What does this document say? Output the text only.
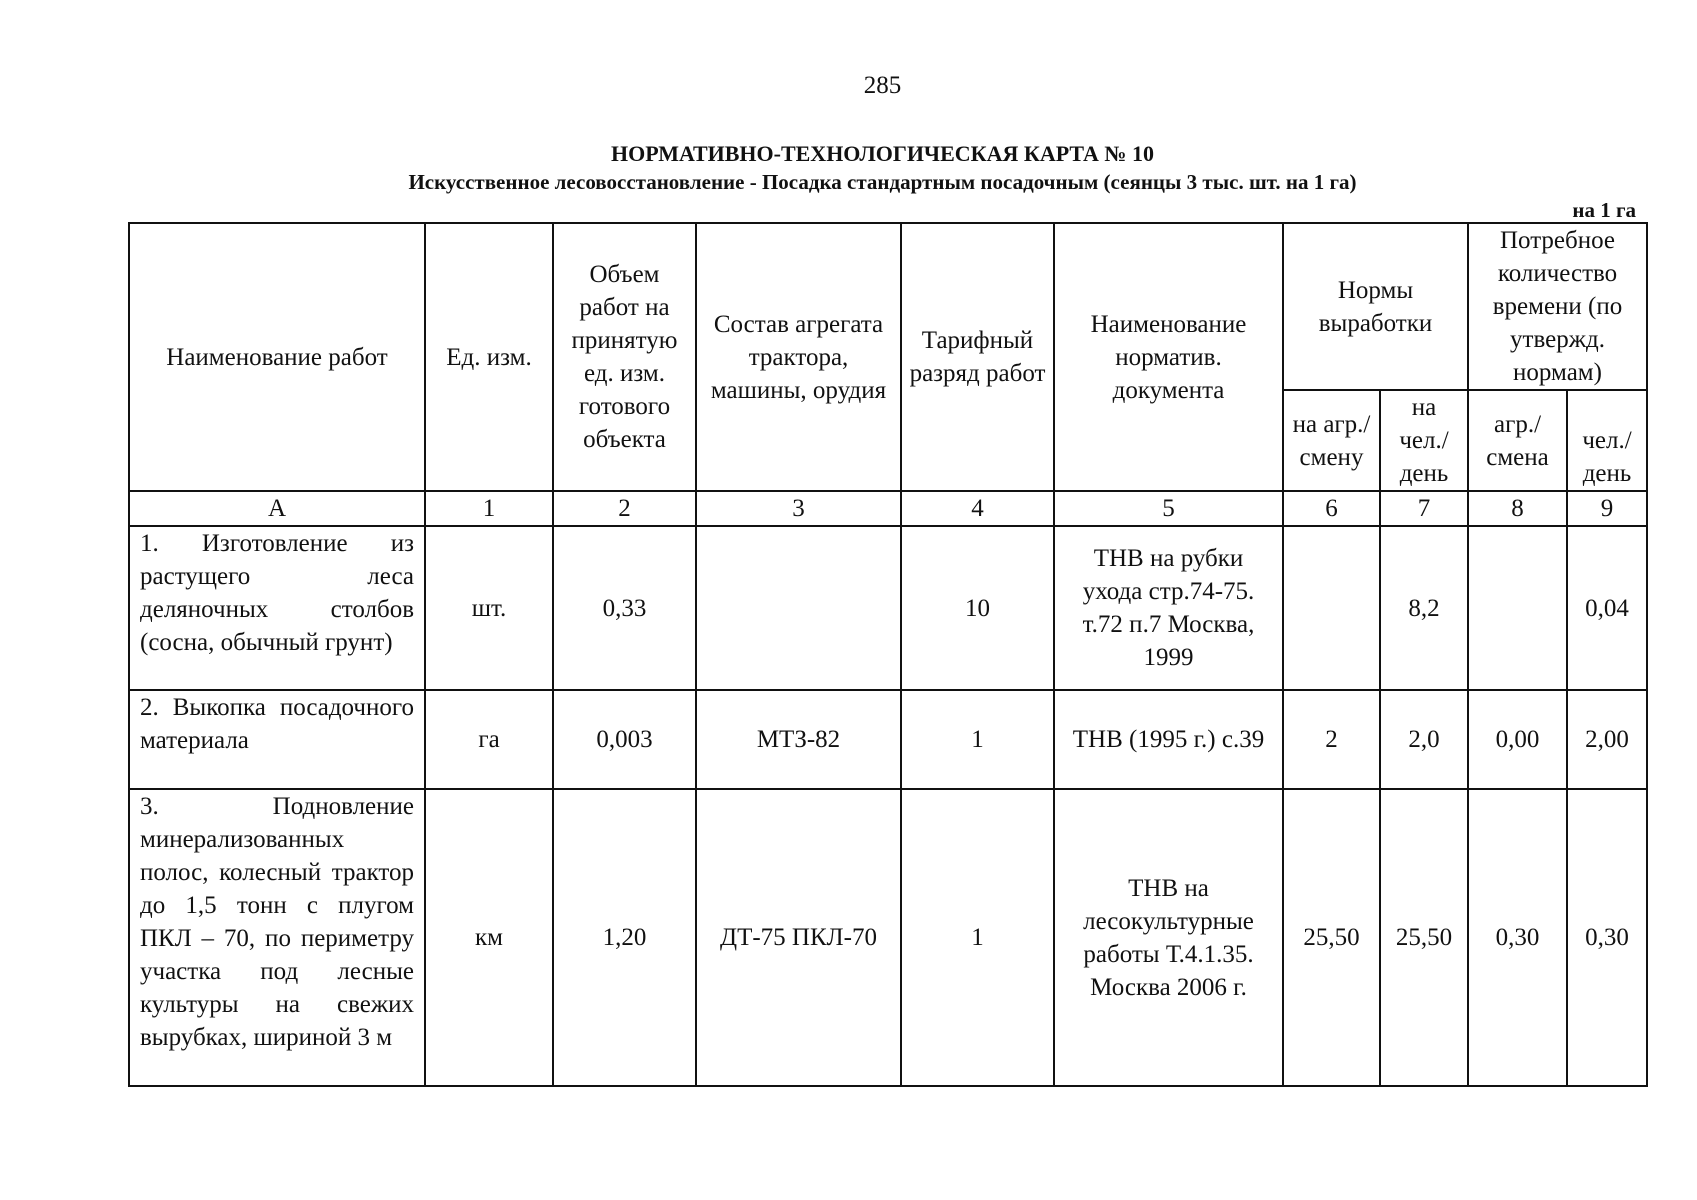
285
НОРМАТИВНО-ТЕХНОЛОГИЧЕСКАЯ КАРТА № 10
Искусственное лесовосстановление - Посадка стандартным посадочным (сеянцы 3 тыс. шт. на 1 га)
на 1 га
Наименование работ	Ед. изм.	Объем работ на принятую ед. изм. готового объекта	Состав агрегата трактора, машины, орудия	Тарифный разряд работ	Наименование норматив. документа	Нормы выработки		Потребное количество времени (по утвержд. нормам)	
						на агр./ смену	на чел./ день	агр./ смена	чел./ день
А	1	2	3	4	5	6	7	8	9
1. Изготовление из растущего леса деляночных столбов (сосна, обычный грунт)	шт.	0,33		10	ТНВ на рубки ухода стр.74-75. т.72 п.7 Москва, 1999		8,2		0,04
2. Выкопка посадочного материала	га	0,003	МТЗ-82	1	ТНВ (1995 г.) с.39	2	2,0	0,00	2,00
3. Подновление минерализованных полос, колесный трактор до 1,5 тонн с плугом ПКЛ – 70, по периметру участка под лесные культуры на свежих вырубках, шириной 3 м	км	1,20	ДТ-75 ПКЛ-70	1	ТНВ на лесокультурные работы Т.4.1.35. Москва 2006 г.	25,50	25,50	0,30	0,30
